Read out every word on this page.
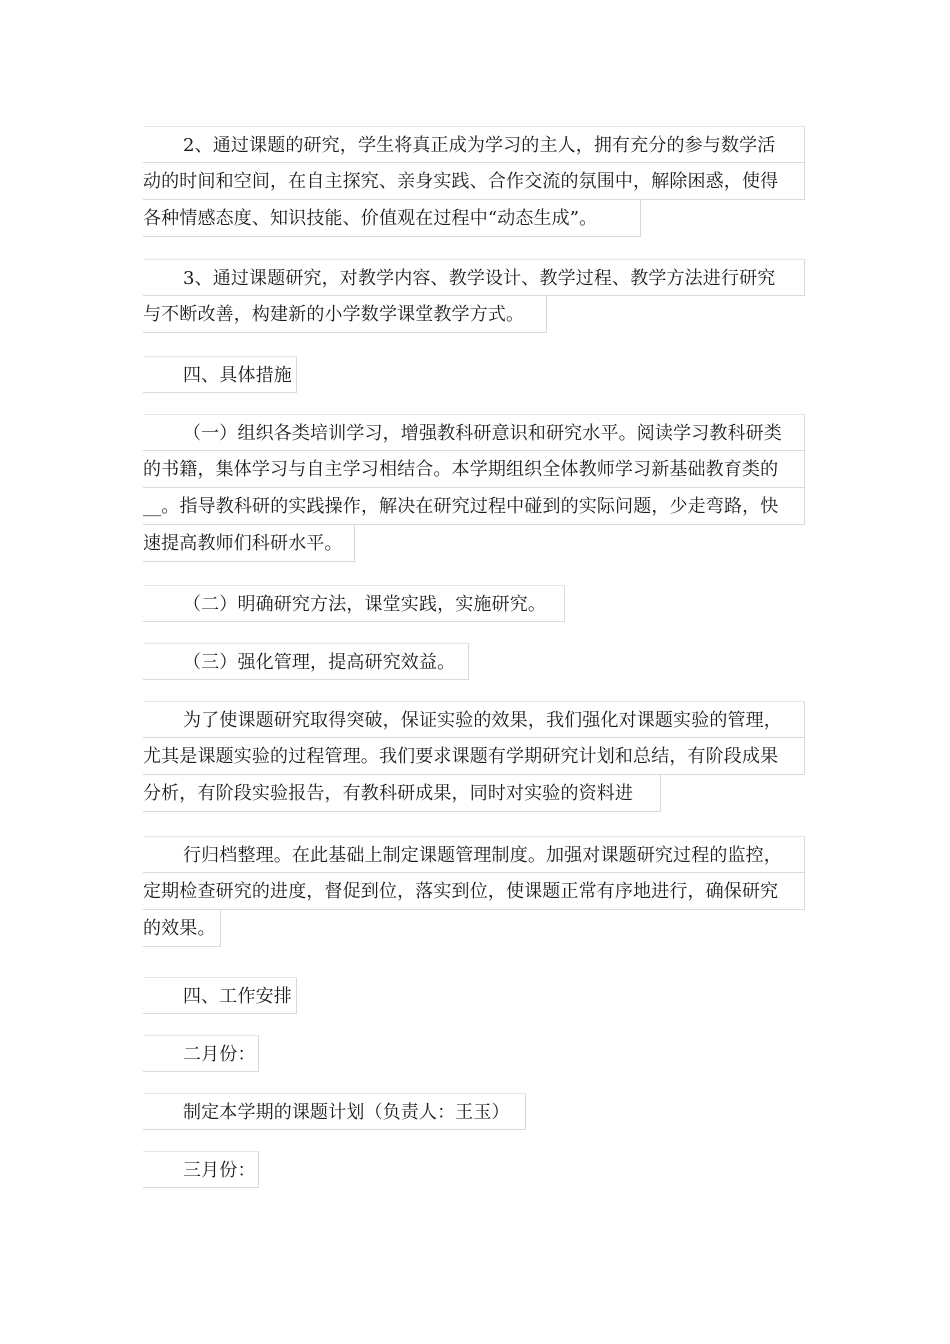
2、通过课题的研究，学生将真正成为学习的主人，拥有充分的参与数学活
动的时间和空间，在自主探究、亲身实践、合作交流的氛围中，解除困惑，使得
各种情感态度、知识技能、价值观在过程中“动态生成”。
3、通过课题研究，对教学内容、教学设计、教学过程、教学方法进行研究
与不断改善，构建新的小学数学课堂教学方式。
四、具体措施
（一）组织各类培训学习，增强教科研意识和研究水平。阅读学习教科研类
的书籍，集体学习与自主学习相结合。本学期组织全体教师学习新基础教育类的
__。指导教科研的实践操作，解决在研究过程中碰到的实际问题，少走弯路，快
速提高教师们科研水平。
（二）明确研究方法，课堂实践，实施研究。
（三）强化管理，提高研究效益。
为了使课题研究取得突破，保证实验的效果，我们强化对课题实验的管理，
尤其是课题实验的过程管理。我们要求课题有学期研究计划和总结，有阶段成果
分析，有阶段实验报告，有教科研成果，同时对实验的资料进
行归档整理。在此基础上制定课题管理制度。加强对课题研究过程的监控，
定期检查研究的进度，督促到位，落实到位，使课题正常有序地进行，确保研究
的效果。
四、工作安排
二月份：
制定本学期的课题计划（负责人：王玉）
三月份：
